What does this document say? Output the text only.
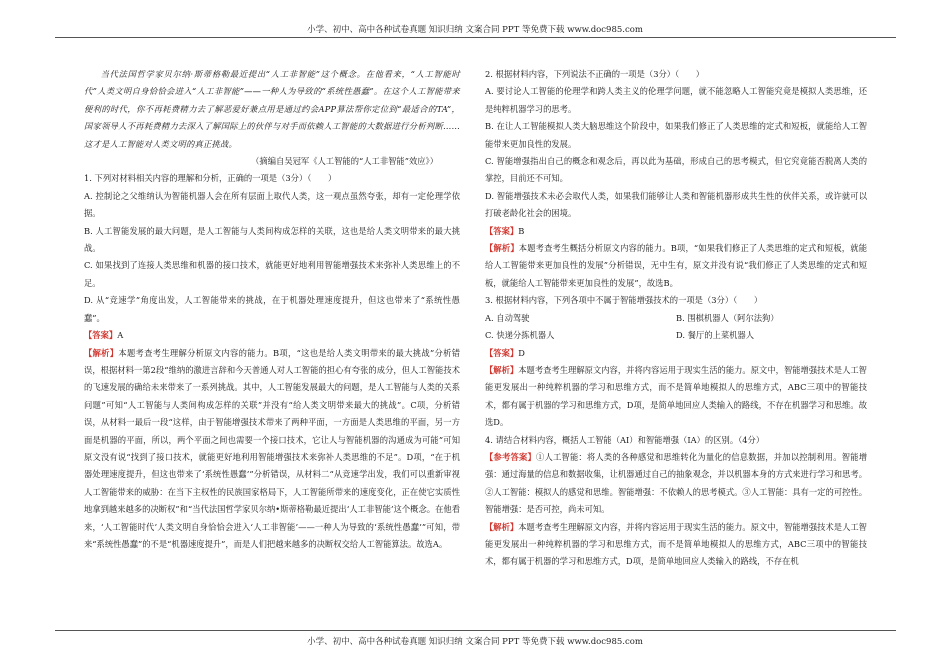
小学、初中、高中各种试卷真题 知识归纳 文案合同 PPT 等免费下载 www.doc985.com

当代法国哲学家贝尔纳·斯蒂格勒最近提出“人工非智能”这个概念。在他看来，“人工智能时代”人类文明自身恰恰会进入“人工非智能”——一种人为导致的“系统性愚蠢”。在这个人工智能带来便利的时代，你不再耗费精力去了解恶爱好兼点用是通过约会APP算法帮你定位到“最适合的TA”，国家领导人不再耗费精力去深入了解国际上的伙伴与对手而依赖人工智能的大数据进行分析判断……这才是人工智能对人类文明的真正挑战。

（摘编自吴冠军《人工智能的“人工非智能”效应》）

1. 下列对材料相关内容的理解和分析，正确的一项是（3分）（　　）

A. 控制论之父维纳认为智能机器人会在所有层面上取代人类，这一观点虽然夸张，却有一定伦理学依据。

B. 人工智能发展的最大问题，是人工智能与人类间构成怎样的关联，这也是给人类文明带来的最大挑战。

C. 如果找到了连接人类思维和机器的接口技术，就能更好地利用智能增强技术来弥补人类思维上的不足。

D. 从“竞速学”角度出发，人工智能带来的挑战，在于机器处理速度提升，但这也带来了“系统性愚蠢”。

【答案】A

【解析】本题考查考生理解分析原文内容的能力。B项，“这也是给人类文明带来的最大挑战”分析错误，根据材料一第2段“维纳的激进言辞和今天普通人对人工智能的担心有夸张的成分，但人工智能技术的飞速发展的确给未来带来了一系列挑战。其中，人工智能发展最大的问题，是人工智能与人类的关系问题”可知“人工智能与人类间构成怎样的关联”并没有“给人类文明带来最大的挑战”。C项，分析错误，从材料一最后一段“这样，由于智能增强技术带来了两种平面，一方面是人类思维的平面，另一方面是机器的平面，所以，两个平面之间也需要一个接口技术，它让人与智能机器的沟通成为可能”可知原文没有说“找到了接口技术，就能更好地利用智能增强技术来弥补人类思维的不足”。D项，“在于机器处理速度提升，但这也带来了‘系统性愚蠢’”分析错误，从材料二“从竞速学出发，我们可以重新审视人工智能带来的威胁：在当下主权性的民族国家格局下，人工智能所带来的速度变化，正在使它实质性地拿到越来越多的决断权”和“当代法国哲学家贝尔纳•斯蒂格勒最近提出‘人工非智能’这个概念。在他看来，‘人工智能时代’人类文明自身恰恰会进入‘人工非智能’——一种人为导致的‘系统性愚蠢’”可知，带来“系统性愚蠢”的不是“机器速度提升”，而是人们把越来越多的决断权交给人工智能算法。故选A。

2. 根据材料内容，下列说法不正确的一项是（3分）（　　）

A. 要讨论人工智能的伦理学和跨人类主义的伦理学问题，就不能忽略人工智能究竟是模拟人类思维，还是纯粹机器学习的思考。

B. 在让人工智能模拟人类大脑思维这个阶段中，如果我们修正了人类思维的定式和短板，就能给人工智能带来更加良性的发展。

C. 智能增强指出自己的概念和观念后，再以此为基础，形成自己的思考模式，但它究竟能否脱离人类的掌控，目前还不可知。

D. 智能增强技术未必会取代人类，如果我们能够让人类和智能机器形成共生性的伙伴关系，或许就可以打破老龄化社会的困境。

【答案】B

【解析】本题考查考生概括分析原文内容的能力。B项，“如果我们修正了人类思维的定式和短板，就能给人工智能带来更加良性的发展”分析错误，无中生有，原文并没有说“我们修正了人类思维的定式和短板，就能给人工智能带来更加良性的发展”，故选B。

3. 根据材料内容，下列各项中不属于智能增强技术的一项是（3分）（　　）

A. 自动驾驶	B. 围棋机器人（阿尔法狗）
C. 快递分拣机器人	D. 餐厅的上菜机器人

【答案】D

【解析】本题考查考生理解原文内容，并将内容运用于现实生活的能力。原文中，智能增强技术是人工智能更发展出一种纯粹机器的学习和思维方式，而不是简单地模拟人的思维方式，ABC三项中的智能技术，都有属于机器的学习和思维方式，D项，是简单地回应人类输入的路线，不存在机器学习和思维。故选D。

4. 请结合材料内容，概括人工智能（AI）和智能增强（IA）的区别。（4分）

【参考答案】①人工智能：将人类的各种感觉和思维转化为量化的信息数据，并加以控制利用。智能增强：通过海量的信息和数据收集，让机器通过自己的抽象观念，并以机器本身的方式来进行学习和思考。②人工智能：模拟人的感觉和思维。智能增强：不依赖人的思考模式。③人工智能：具有一定的可控性。智能增强：是否可控，尚未可知。

【解析】本题考查考生理解原文内容，并将内容运用于现实生活的能力。原文中，智能增强技术是人工智能更发展出一种纯粹机器的学习和思维方式，而不是简单地模拟人的思维方式，ABC三项中的智能技术，都有属于机器的学习和思维方式，D项，是简单地回应人类输入的路线，不存在机

小学、初中、高中各种试卷真题 知识归纳 文案合同 PPT 等免费下载 www.doc985.com
